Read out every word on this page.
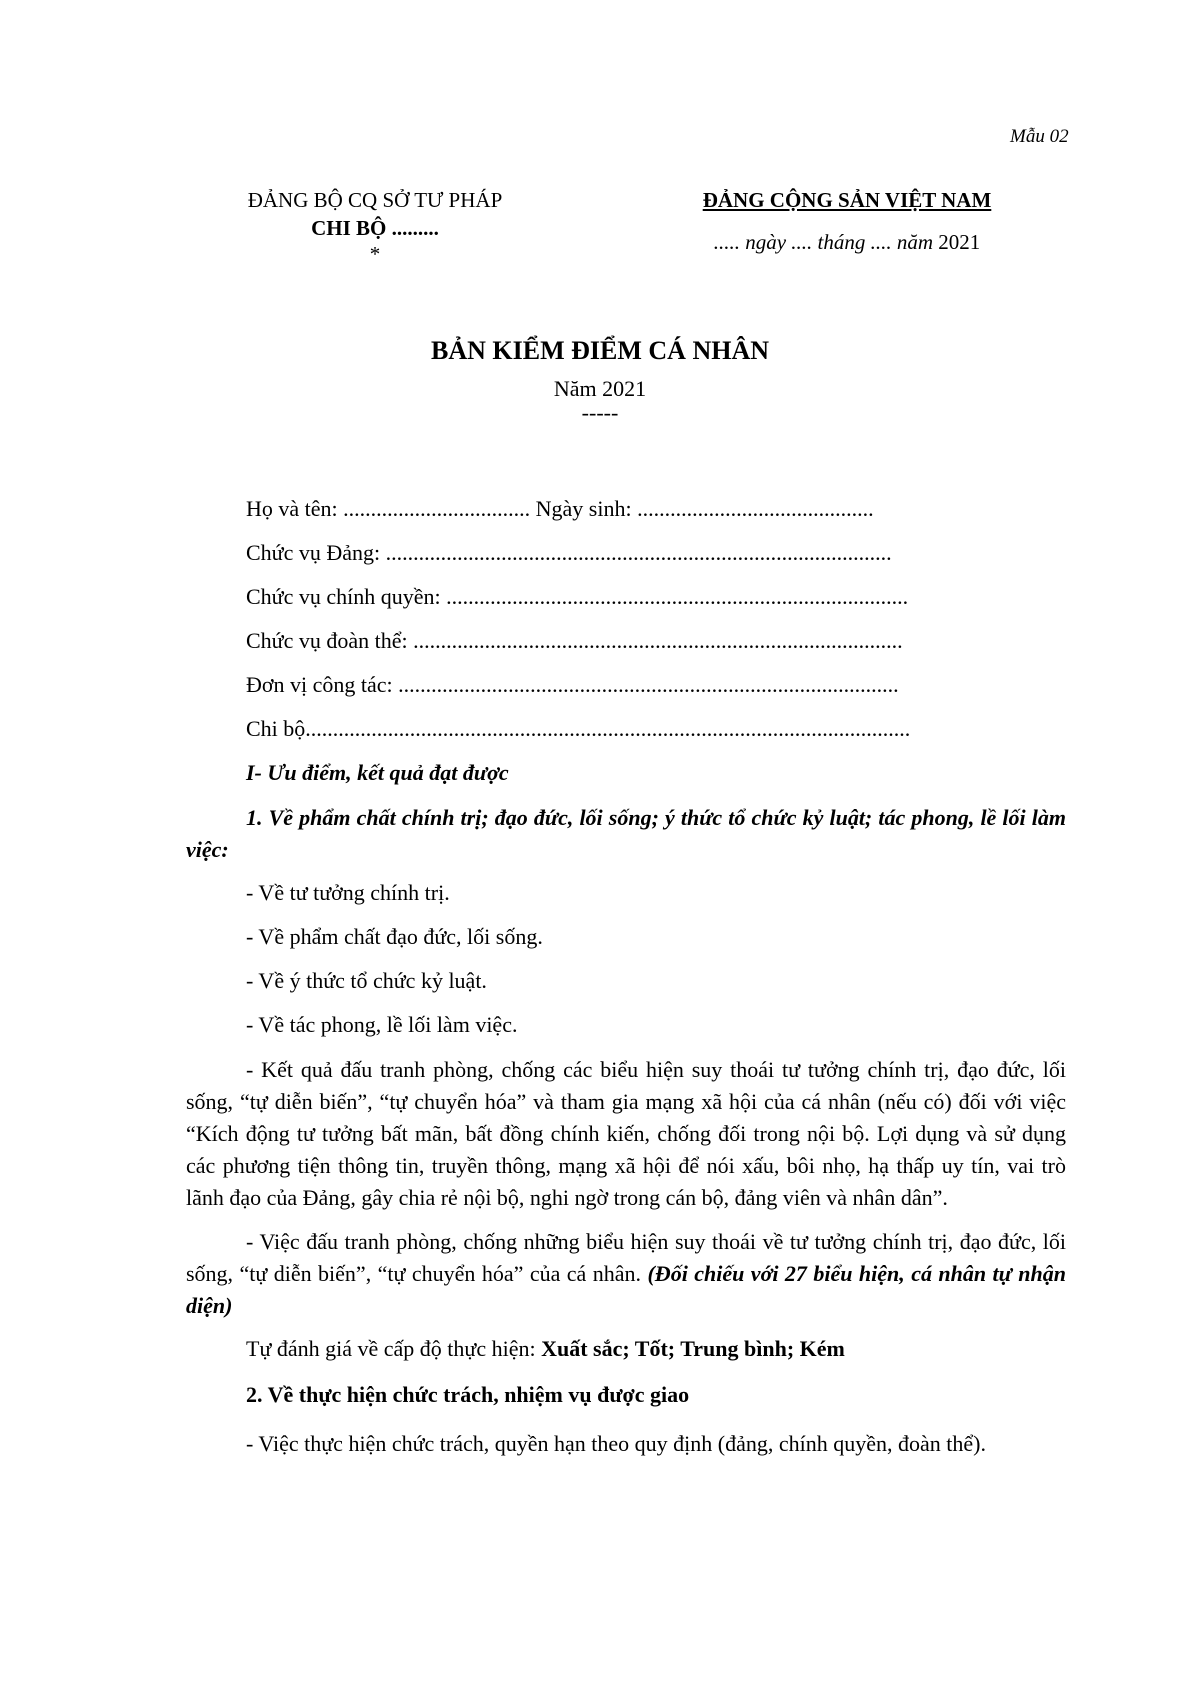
Mẫu 02
ĐẢNG BỘ CQ SỞ TƯ PHÁP
CHI BỘ .........
*
ĐẢNG CỘNG SẢN VIỆT NAM
..... ngày .... tháng .... năm 2021
BẢN KIỂM ĐIỂM CÁ NHÂN
Năm 2021
-----
Họ và tên: .................................. Ngày sinh: ...........................................
Chức vụ Đảng: ............................................................................................
Chức vụ chính quyền: ....................................................................................
Chức vụ đoàn thể: .........................................................................................
Đơn vị công tác: ...........................................................................................
Chi bộ..............................................................................................................
I- Ưu điểm, kết quả đạt được

1. Về phẩm chất chính trị; đạo đức, lối sống; ý thức tổ chức kỷ luật; tác phong, lề lối làm việc:

- Về tư tưởng chính trị.
- Về phẩm chất đạo đức, lối sống.
- Về ý thức tổ chức kỷ luật.
- Về tác phong, lề lối làm việc.

- Kết quả đấu tranh phòng, chống các biểu hiện suy thoái tư tưởng chính trị, đạo đức, lối sống, “tự diễn biến”, “tự chuyển hóa” và tham gia mạng xã hội của cá nhân (nếu có) đối với việc “Kích động tư tưởng bất mãn, bất đồng chính kiến, chống đối trong nội bộ. Lợi dụng và sử dụng các phương tiện thông tin, truyền thông, mạng xã hội để nói xấu, bôi nhọ, hạ thấp uy tín, vai trò lãnh đạo của Đảng, gây chia rẻ nội bộ, nghi ngờ trong cán bộ, đảng viên và nhân dân”.

- Việc đấu tranh phòng, chống những biểu hiện suy thoái về tư tưởng chính trị, đạo đức, lối sống, “tự diễn biến”, “tự chuyển hóa” của cá nhân. (Đối chiếu với 27 biểu hiện, cá nhân tự nhận diện)

Tự đánh giá về cấp độ thực hiện: Xuất sắc; Tốt; Trung bình; Kém
2. Về thực hiện chức trách, nhiệm vụ được giao

- Việc thực hiện chức trách, quyền hạn theo quy định (đảng, chính quyền, đoàn thể).
